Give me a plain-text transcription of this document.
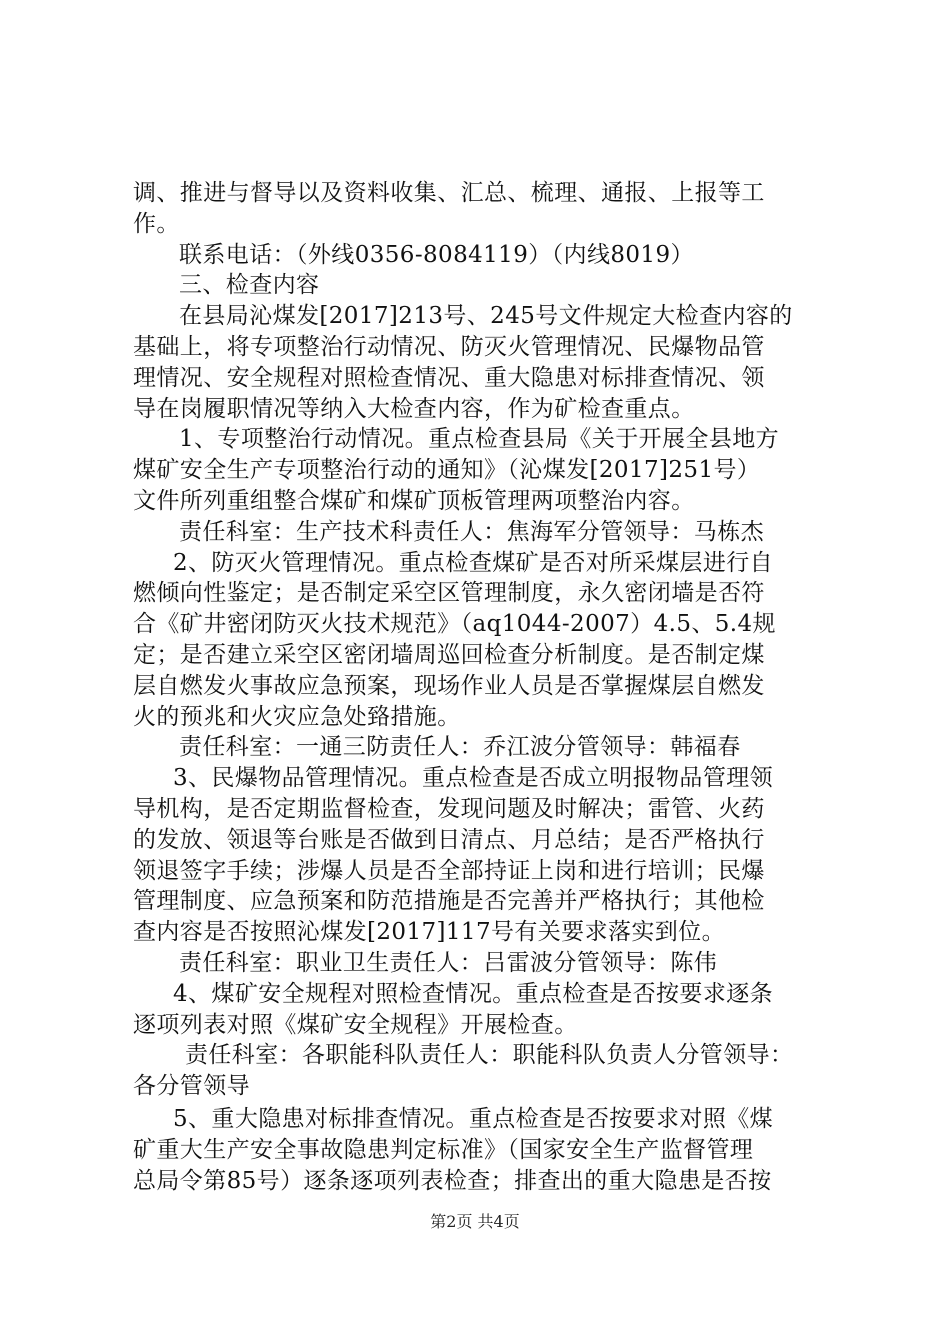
调、推进与督导以及资料收集、汇总、梳理、通报、上报等工
作。
联系电话：（外线0356-8084119）（内线8019）
三、检查内容
在县局沁煤发[2017]213号、245号文件规定大检查内容的
基础上，将专项整治行动情况、防灭火管理情况、民爆物品管
理情况、安全规程对照检查情况、重大隐患对标排查情况、领
导在岗履职情况等纳入大检查内容，作为矿检查重点。
1、专项整治行动情况。重点检查县局《关于开展全县地方
煤矿安全生产专项整治行动的通知》（沁煤发[2017]251号）
文件所列重组整合煤矿和煤矿顶板管理两项整治内容。
责任科室：生产技术科责任人：焦海军分管领导：马栋杰
2、防灭火管理情况。重点检查煤矿是否对所采煤层进行自
燃倾向性鉴定；是否制定采空区管理制度，永久密闭墙是否符
合《矿井密闭防灭火技术规范》（aq1044-2007）4.5、5.4规
定；是否建立采空区密闭墙周巡回检查分析制度。是否制定煤
层自燃发火事故应急预案，现场作业人员是否掌握煤层自燃发
火的预兆和火灾应急处臵措施。
责任科室：一通三防责任人：乔江波分管领导：韩福春
3、民爆物品管理情况。重点检查是否成立明报物品管理领
导机构，是否定期监督检查，发现问题及时解决；雷管、火药
的发放、领退等台账是否做到日清点、月总结；是否严格执行
领退签字手续；涉爆人员是否全部持证上岗和进行培训；民爆
管理制度、应急预案和防范措施是否完善并严格执行；其他检
查内容是否按照沁煤发[2017]117号有关要求落实到位。
责任科室：职业卫生责任人：吕雷波分管领导：陈伟
4、煤矿安全规程对照检查情况。重点检查是否按要求逐条
逐项列表对照《煤矿安全规程》开展检查。
责任科室：各职能科队责任人：职能科队负责人分管领导：
各分管领导
5、重大隐患对标排查情况。重点检查是否按要求对照《煤
矿重大生产安全事故隐患判定标准》（国家安全生产监督管理
总局令第85号）逐条逐项列表检查；排查出的重大隐患是否按
第2页 共4页
